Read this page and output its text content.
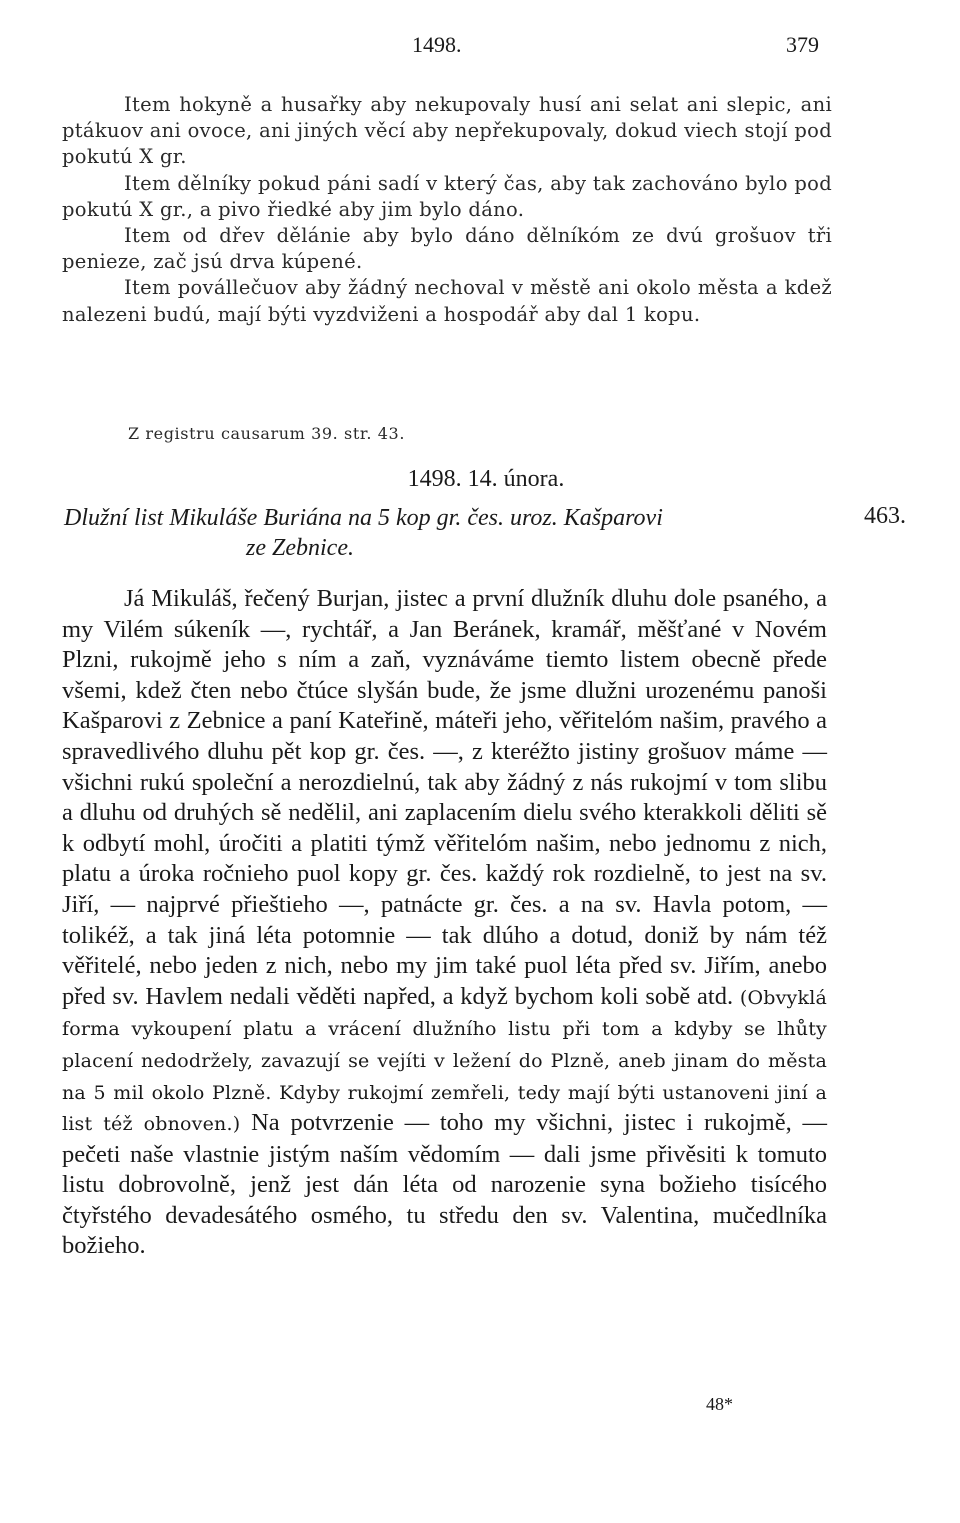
1498.	379

Item hokyně a husařky aby nekupovaly husí ani selat ani slepic, ani ptákuov ani ovoce, ani jiných věcí aby nepřekupovaly, dokud viech stojí pod pokutú X gr.

Item dělníky pokud páni sadí v který čas, aby tak zachováno bylo pod pokutú X gr., a pivo řiedké aby jim bylo dáno.

Item od dřev dělánie aby bylo dáno dělníkóm ze dvú grošuov tři penieze, zač jsú drva kúpené.

Item povállečuov aby žádný nechoval v městě ani okolo města a kdež nalezeni budú, mají býti vyzdviženi a hospodář aby dal 1 kopu.

Z registru causarum 39. str. 43.
1498. 14. února.
Dlužní list Mikuláše Buriána na 5 kop gr. čes. uroz. Kašparovi
ze Zebnice.
463.

Já Mikuláš, řečený Burjan, jistec a první dlužník dluhu dole psaného, a my Vilém súkeník —, rychtář, a Jan Beránek, kramář, měšťané v Novém Plzni, rukojmě jeho s ním a zaň, vyznáváme tiemto listem obecně přede všemi, kdež čten nebo čtúce slyšán bude, že jsme dlužni urozenému panoši Kašparovi z Zebnice a paní Kateřině, máteři jeho, věřitelóm našim, pravého a spravedlivého dluhu pět kop gr. čes. —, z kteréžto jistiny grošuov máme — všichni rukú společní a nerozdielnú, tak aby žádný z nás rukojmí v tom slibu a dluhu od druhých sě nedělil, ani zaplacením dielu svého kterakkoli děliti sě k odbytí mohl, úročiti a platiti týmž věřitelóm našim, nebo jednomu z nich, platu a úroka ročnieho puol kopy gr. čes. každý rok rozdielně, to jest na sv. Jiří, — najprvé přieštieho —, patnácte gr. čes. a na sv. Havla potom, — tolikéž, a tak jiná léta potomnie — tak dlúho a dotud, doniž by nám též věřitelé, nebo jeden z nich, nebo my jim také puol léta před sv. Jiřím, anebo před sv. Havlem nedali věděti napřed, a když bychom koli sobě atd. (Obvyklá forma vykoupení platu a vrácení dlužního listu při tom a kdyby se lhůty placení nedodržely, zavazují se vejíti v ležení do Plzně, aneb jinam do města na 5 mil okolo Plzně. Kdyby rukojmí zemřeli, tedy mají býti ustanoveni jiní a list též obnoven.) Na potvrzenie — toho my všichni, jistec i rukojmě, — pečeti naše vlastnie jistým naším vědomím — dali jsme přivěsiti k tomuto listu dobrovolně, jenž jest dán léta od narozenie syna božieho tisícého čtyřstého devadesátého osmého, tu středu den sv. Valentina, mučedlníka božieho.

48*
